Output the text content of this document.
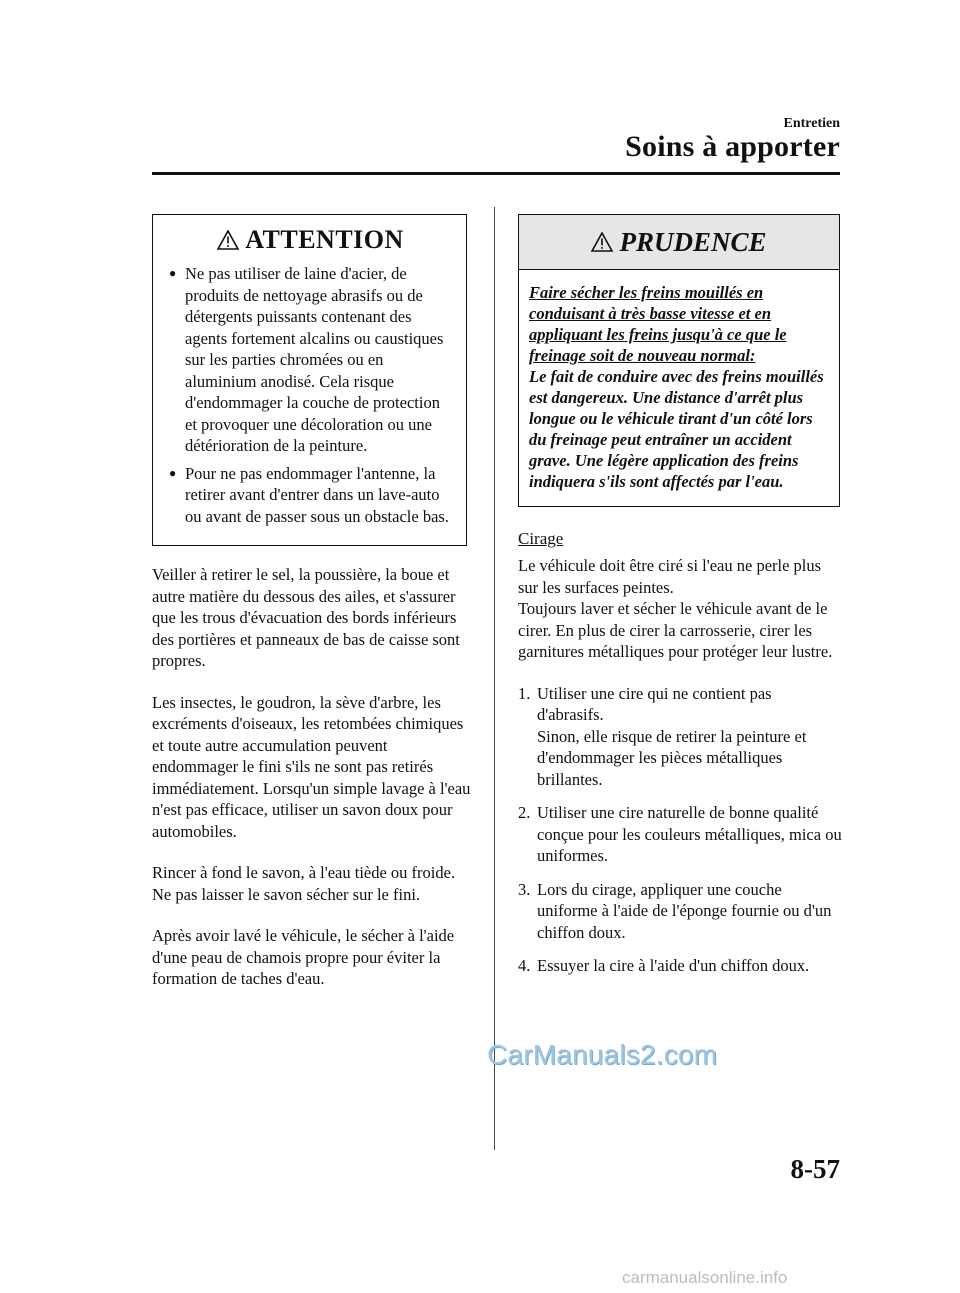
Entretien
Soins à apporter
ATTENTION
● Ne pas utiliser de laine d'acier, de produits de nettoyage abrasifs ou de détergents puissants contenant des agents fortement alcalins ou caustiques sur les parties chromées ou en aluminium anodisé. Cela risque d'endommager la couche de protection et provoquer une décoloration ou une détérioration de la peinture.
● Pour ne pas endommager l'antenne, la retirer avant d'entrer dans un lave-auto ou avant de passer sous un obstacle bas.

Veiller à retirer le sel, la poussière, la boue et autre matière du dessous des ailes, et s'assurer que les trous d'évacuation des bords inférieurs des portières et panneaux de bas de caisse sont propres.

Les insectes, le goudron, la sève d'arbre, les excréments d'oiseaux, les retombées chimiques et toute autre accumulation peuvent endommager le fini s'ils ne sont pas retirés immédiatement. Lorsqu'un simple lavage à l'eau n'est pas efficace, utiliser un savon doux pour automobiles.

Rincer à fond le savon, à l'eau tiède ou froide. Ne pas laisser le savon sécher sur le fini.

Après avoir lavé le véhicule, le sécher à l'aide d'une peau de chamois propre pour éviter la formation de taches d'eau.

PRUDENCE
Faire sécher les freins mouillés en conduisant à très basse vitesse et en appliquant les freins jusqu'à ce que le freinage soit de nouveau normal:
Le fait de conduire avec des freins mouillés est dangereux. Une distance d'arrêt plus longue ou le véhicule tirant d'un côté lors du freinage peut entraîner un accident grave. Une légère application des freins indiquera s'ils sont affectés par l'eau.
Cirage

Le véhicule doit être ciré si l'eau ne perle plus sur les surfaces peintes.

Toujours laver et sécher le véhicule avant de le cirer. En plus de cirer la carrosserie, cirer les garnitures métalliques pour protéger leur lustre.

1. Utiliser une cire qui ne contient pas d'abrasifs.
Sinon, elle risque de retirer la peinture et d'endommager les pièces métalliques brillantes.
2. Utiliser une cire naturelle de bonne qualité conçue pour les couleurs métalliques, mica ou uniformes.
3. Lors du cirage, appliquer une couche uniforme à l'aide de l'éponge fournie ou d'un chiffon doux.
4. Essuyer la cire à l'aide d'un chiffon doux.
CarManuals2.com
8-57
carmanualsonline.info
